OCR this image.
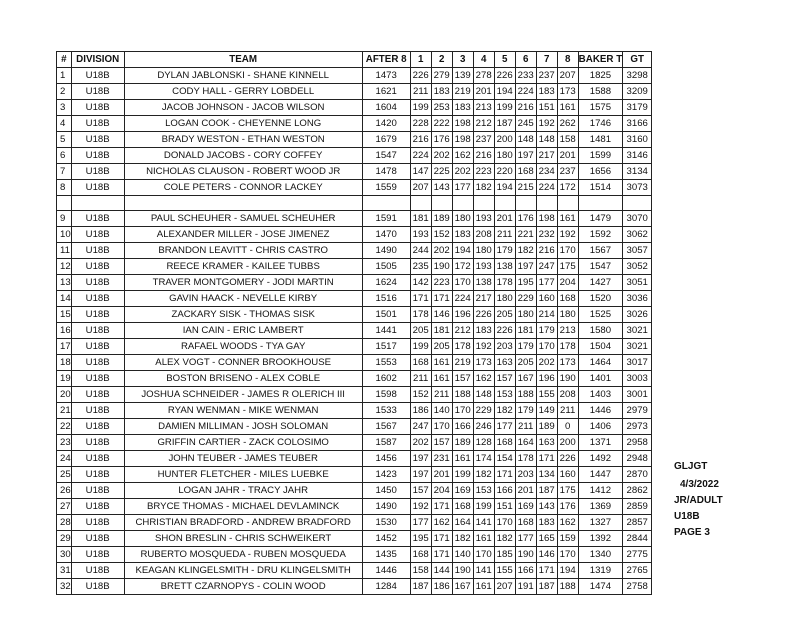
#	DIVISION	TEAM	AFTER 8	1	2	3	4	5	6	7	8	BAKER T	GT
1	U18B	DYLAN JABLONSKI - SHANE KINNELL	1473	226	279	139	278	226	233	237	207	1825	3298
2	U18B	CODY HALL - GERRY LOBDELL	1621	211	183	219	201	194	224	183	173	1588	3209
3	U18B	JACOB JOHNSON - JACOB WILSON	1604	199	253	183	213	199	216	151	161	1575	3179
4	U18B	LOGAN COOK - CHEYENNE LONG	1420	228	222	198	212	187	245	192	262	1746	3166
5	U18B	BRADY WESTON - ETHAN WESTON	1679	216	176	198	237	200	148	148	158	1481	3160
6	U18B	DONALD JACOBS - CORY COFFEY	1547	224	202	162	216	180	197	217	201	1599	3146
7	U18B	NICHOLAS CLAUSON - ROBERT WOOD JR	1478	147	225	202	223	220	168	234	237	1656	3134
8	U18B	COLE PETERS - CONNOR LACKEY	1559	207	143	177	182	194	215	224	172	1514	3073

9	U18B	PAUL SCHEUHER - SAMUEL SCHEUHER	1591	181	189	180	193	201	176	198	161	1479	3070
10	U18B	ALEXANDER MILLER - JOSE JIMENEZ	1470	193	152	183	208	211	221	232	192	1592	3062
11	U18B	BRANDON LEAVITT - CHRIS CASTRO	1490	244	202	194	180	179	182	216	170	1567	3057
12	U18B	REECE KRAMER - KAILEE TUBBS	1505	235	190	172	193	138	197	247	175	1547	3052
13	U18B	TRAVER MONTGOMERY - JODI MARTIN	1624	142	223	170	138	178	195	177	204	1427	3051
14	U18B	GAVIN HAACK - NEVELLE KIRBY	1516	171	171	224	217	180	229	160	168	1520	3036
15	U18B	ZACKARY SISK - THOMAS SISK	1501	178	146	196	226	205	180	214	180	1525	3026
16	U18B	IAN CAIN - ERIC LAMBERT	1441	205	181	212	183	226	181	179	213	1580	3021
17	U18B	RAFAEL WOODS - TYA GAY	1517	199	205	178	192	203	179	170	178	1504	3021
18	U18B	ALEX VOGT - CONNER BROOKHOUSE	1553	168	161	219	173	163	205	202	173	1464	3017
19	U18B	BOSTON BRISENO - ALEX COBLE	1602	211	161	157	162	157	167	196	190	1401	3003
20	U18B	JOSHUA SCHNEIDER - JAMES R OLERICH III	1598	152	211	188	148	153	188	155	208	1403	3001
21	U18B	RYAN WENMAN - MIKE WENMAN	1533	186	140	170	229	182	179	149	211	1446	2979
22	U18B	DAMIEN MILLIMAN - JOSH SOLOMAN	1567	247	170	166	246	177	211	189	0	1406	2973
23	U18B	GRIFFIN CARTIER - ZACK COLOSIMO	1587	202	157	189	128	168	164	163	200	1371	2958
24	U18B	JOHN TEUBER - JAMES TEUBER	1456	197	231	161	174	154	178	171	226	1492	2948
25	U18B	HUNTER FLETCHER - MILES LUEBKE	1423	197	201	199	182	171	203	134	160	1447	2870
26	U18B	LOGAN JAHR - TRACY JAHR	1450	157	204	169	153	166	201	187	175	1412	2862
27	U18B	BRYCE THOMAS - MICHAEL DEVLAMINCK	1490	192	171	168	199	151	169	143	176	1369	2859
28	U18B	CHRISTIAN BRADFORD - ANDREW BRADFORD	1530	177	162	164	141	170	168	183	162	1327	2857
29	U18B	SHON BRESLIN - CHRIS SCHWEIKERT	1452	195	171	182	161	182	177	165	159	1392	2844
30	U18B	RUBERTO MOSQUEDA - RUBEN MOSQUEDA	1435	168	171	140	170	185	190	146	170	1340	2775
31	U18B	KEAGAN KLINGELSMITH - DRU KLINGELSMITH	1446	158	144	190	141	155	166	171	194	1319	2765
32	U18B	BRETT CZARNOPYS - COLIN WOOD	1284	187	186	167	161	207	191	187	188	1474	2758
GLJGT
4/3/2022
JR/ADULT
U18B
PAGE 3
